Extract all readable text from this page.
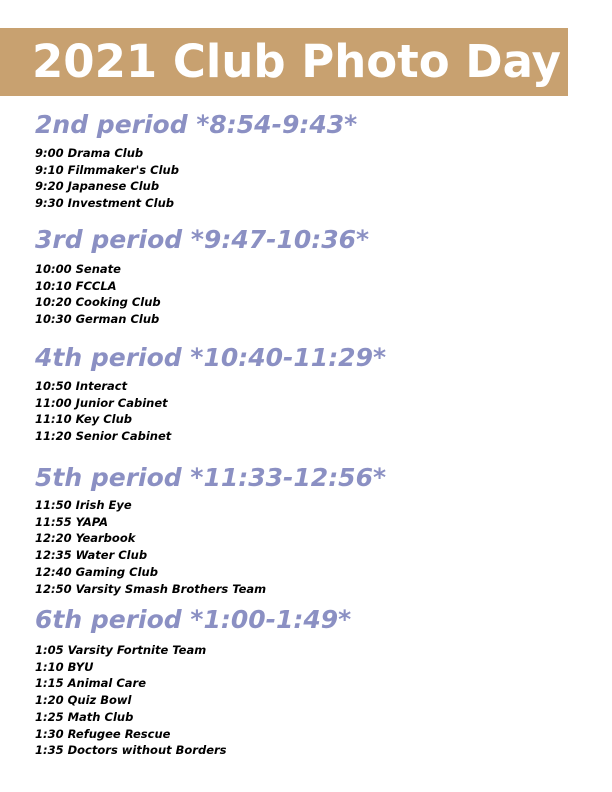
2021 Club Photo Day
2nd period *8:54-9:43*
9:00 Drama Club
9:10 Filmmaker's Club
9:20 Japanese Club
9:30 Investment Club
3rd period *9:47-10:36*
10:00 Senate
10:10 FCCLA
10:20 Cooking Club
10:30 German Club
4th period *10:40-11:29*
10:50 Interact
11:00 Junior Cabinet
11:10 Key Club
11:20 Senior Cabinet
5th period *11:33-12:56*
11:50 Irish Eye
11:55 YAPA
12:20 Yearbook
12:35 Water Club
12:40 Gaming Club
12:50 Varsity Smash Brothers Team
6th period *1:00-1:49*
1:05 Varsity Fortnite Team
1:10 BYU
1:15 Animal Care
1:20 Quiz Bowl
1:25 Math Club
1:30 Refugee Rescue
1:35 Doctors without Borders
